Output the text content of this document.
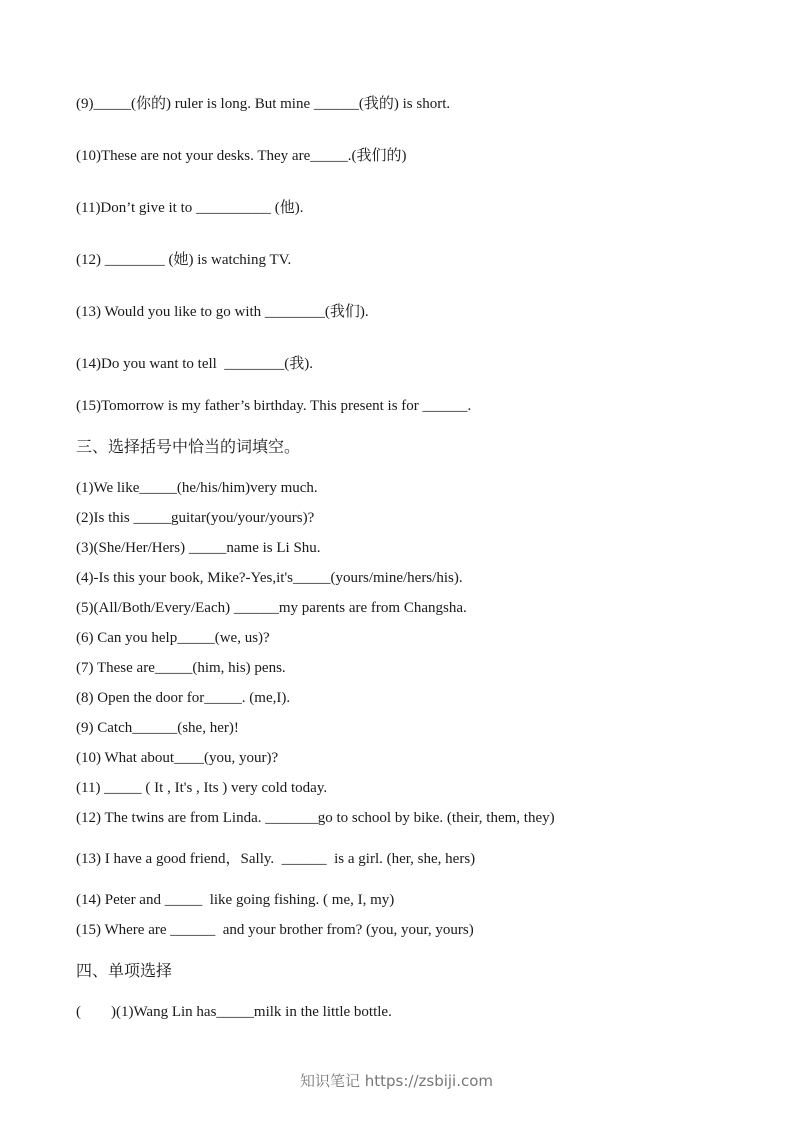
(9)_____(你的) ruler is long. But mine ______(我的) is short.
(10)These are not your desks. They are_____.(我们的)
(11)Don’t give it to __________ (他).
(12) ________ (她) is watching TV.
(13) Would you like to go with ________(我们).
(14)Do you want to tell  ________(我).
(15)Tomorrow is my father’s birthday. This present is for ______.
三、选择括号中恰当的词填空。
(1)We like_____(he/his/him)very much.
(2)Is this _____guitar(you/your/yours)?
(3)(She/Her/Hers) _____name is Li Shu.
(4)-Is this your book, Mike?-Yes,it's_____(yours/mine/hers/his).
(5)(All/Both/Every/Each) ______my parents are from Changsha.
(6) Can you help_____(we, us)?
(7) These are_____(him, his) pens.
(8) Open the door for_____. (me,I).
(9) Catch______(she, her)!
(10) What about____(you, your)?
(11) _____ ( It , It's , Its ) very cold today.
(12) The twins are from Linda. _______go to school by bike. (their, them, they)
(13) I have a good friend，Sally.  ______  is a girl. (her, she, hers)
(14) Peter and _____  like going fishing. ( me, I, my)
(15) Where are ______  and your brother from? (you, your, yours)
四、单项选择
(        )(1)Wang Lin has_____milk in the little bottle.
知识笔记 https://zsbiji.com
